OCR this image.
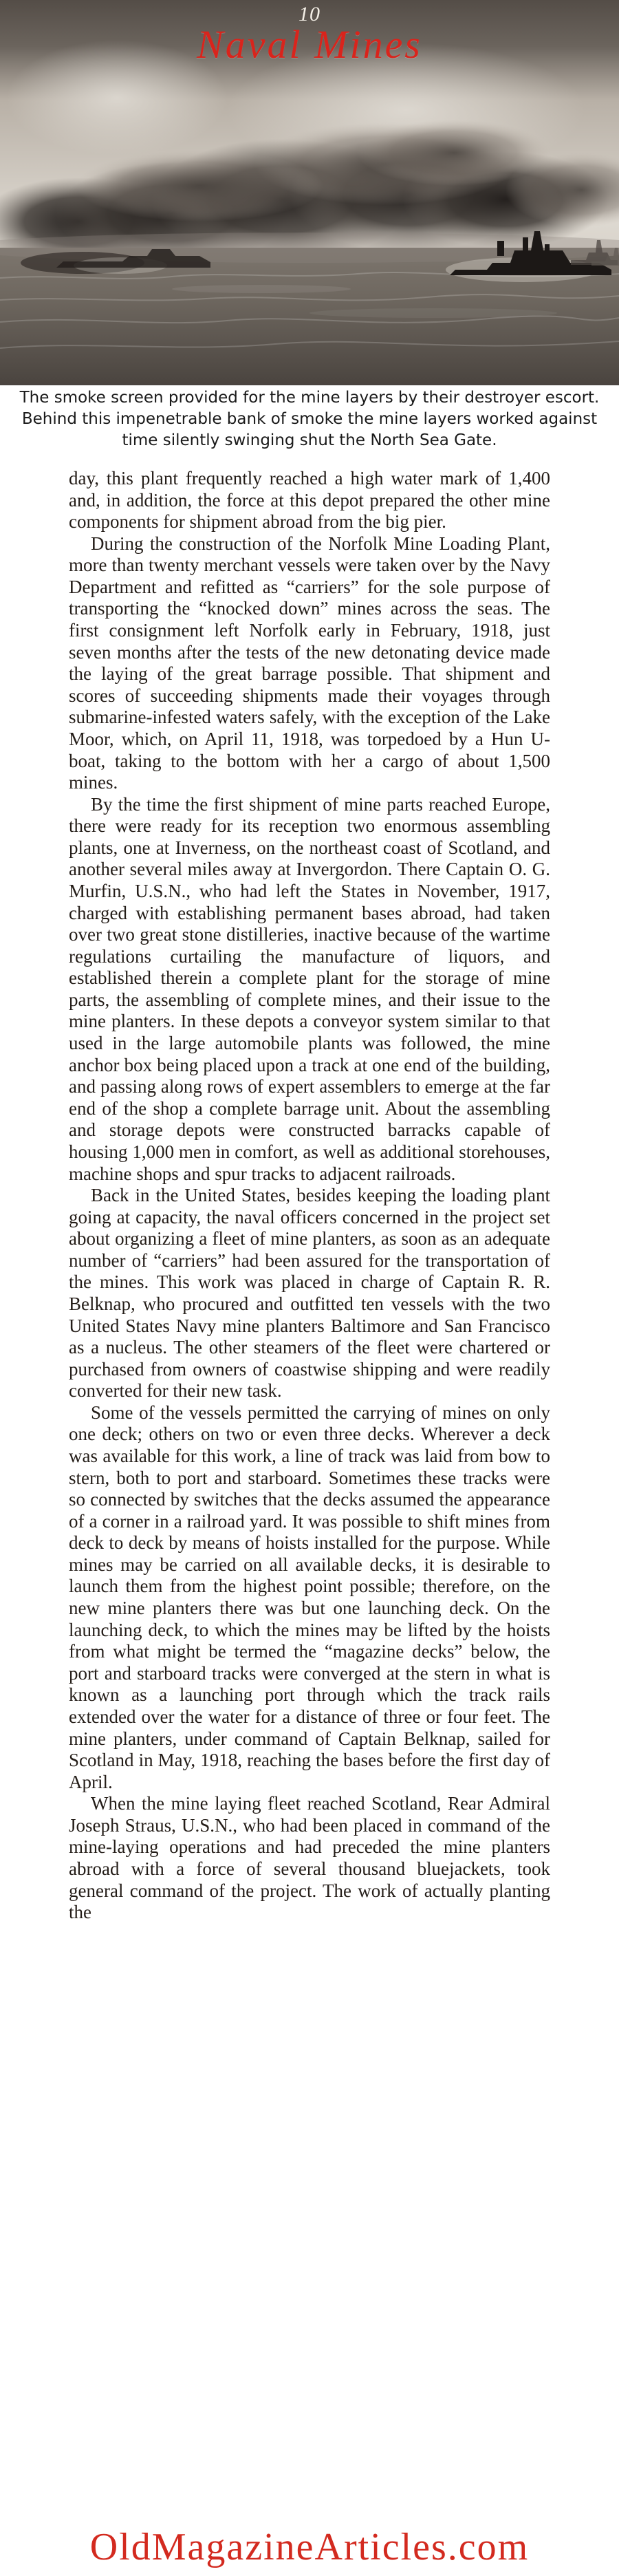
10
Naval Mines
The smoke screen provided for the mine layers by their destroyer escort. Behind this impenetrable bank of smoke the mine layers worked against time silently swinging shut the North Sea Gate.

day, this plant frequently reached a high water mark of 1,400 and, in addition, the force at this depot prepared the other mine components for shipment abroad from the big pier.

During the construction of the Norfolk Mine Loading Plant, more than twenty merchant vessels were taken over by the Navy Department and refitted as “carriers” for the sole purpose of transporting the “knocked down” mines across the seas. The first consignment left Norfolk early in February, 1918, just seven months after the tests of the new detonating device made the laying of the great barrage possible. That shipment and scores of succeeding shipments made their voyages through submarine-infested waters safely, with the exception of the Lake Moor, which, on April 11, 1918, was torpedoed by a Hun U-boat, taking to the bottom with her a cargo of about 1,500 mines.

By the time the first shipment of mine parts reached Europe, there were ready for its reception two enormous assembling plants, one at Inverness, on the northeast coast of Scotland, and another several miles away at Invergordon. There Captain O. G. Murfin, U.S.N., who had left the States in November, 1917, charged with establishing permanent bases abroad, had taken over two great stone distilleries, inactive because of the wartime regulations curtailing the manufacture of liquors, and established therein a complete plant for the storage of mine parts, the assembling of complete mines, and their issue to the mine planters. In these depots a conveyor system similar to that used in the large automobile plants was followed, the mine anchor box being placed upon a track at one end of the building, and passing along rows of expert assemblers to emerge at the far end of the shop a complete barrage unit. About the assembling and storage depots were constructed barracks capable of housing 1,000 men in comfort, as well as additional storehouses, machine shops and spur tracks to adjacent railroads.

Back in the United States, besides keeping the loading plant going at capacity, the naval officers concerned in the project set about organizing a fleet of mine planters, as soon as an adequate number of “carriers” had been assured for the transportation of the mines. This work was placed in charge of Captain R. R. Belknap, who procured and outfitted ten vessels with the two United States Navy mine planters Baltimore and San Francisco as a nucleus. The other steamers of the fleet were chartered or purchased from owners of coastwise shipping and were readily converted for their new task.

Some of the vessels permitted the carrying of mines on only one deck; others on two or even three decks. Wherever a deck was available for this work, a line of track was laid from bow to stern, both to port and starboard. Sometimes these tracks were so connected by switches that the decks assumed the appearance of a corner in a railroad yard. It was possible to shift mines from deck to deck by means of hoists installed for the purpose. While mines may be carried on all available decks, it is desirable to launch them from the highest point possible; therefore, on the new mine planters there was but one launching deck. On the launching deck, to which the mines may be lifted by the hoists from what might be termed the “magazine decks” below, the port and starboard tracks were converged at the stern in what is known as a launching port through which the track rails extended over the water for a distance of three or four feet. The mine planters, under command of Captain Belknap, sailed for Scotland in May, 1918, reaching the bases before the first day of April.

When the mine laying fleet reached Scotland, Rear Admiral Joseph Straus, U.S.N., who had been placed in command of the mine-laying operations and had preceded the mine planters abroad with a force of several thousand bluejackets, took general command of the project. The work of actually planting the

OldMagazineArticles.com
